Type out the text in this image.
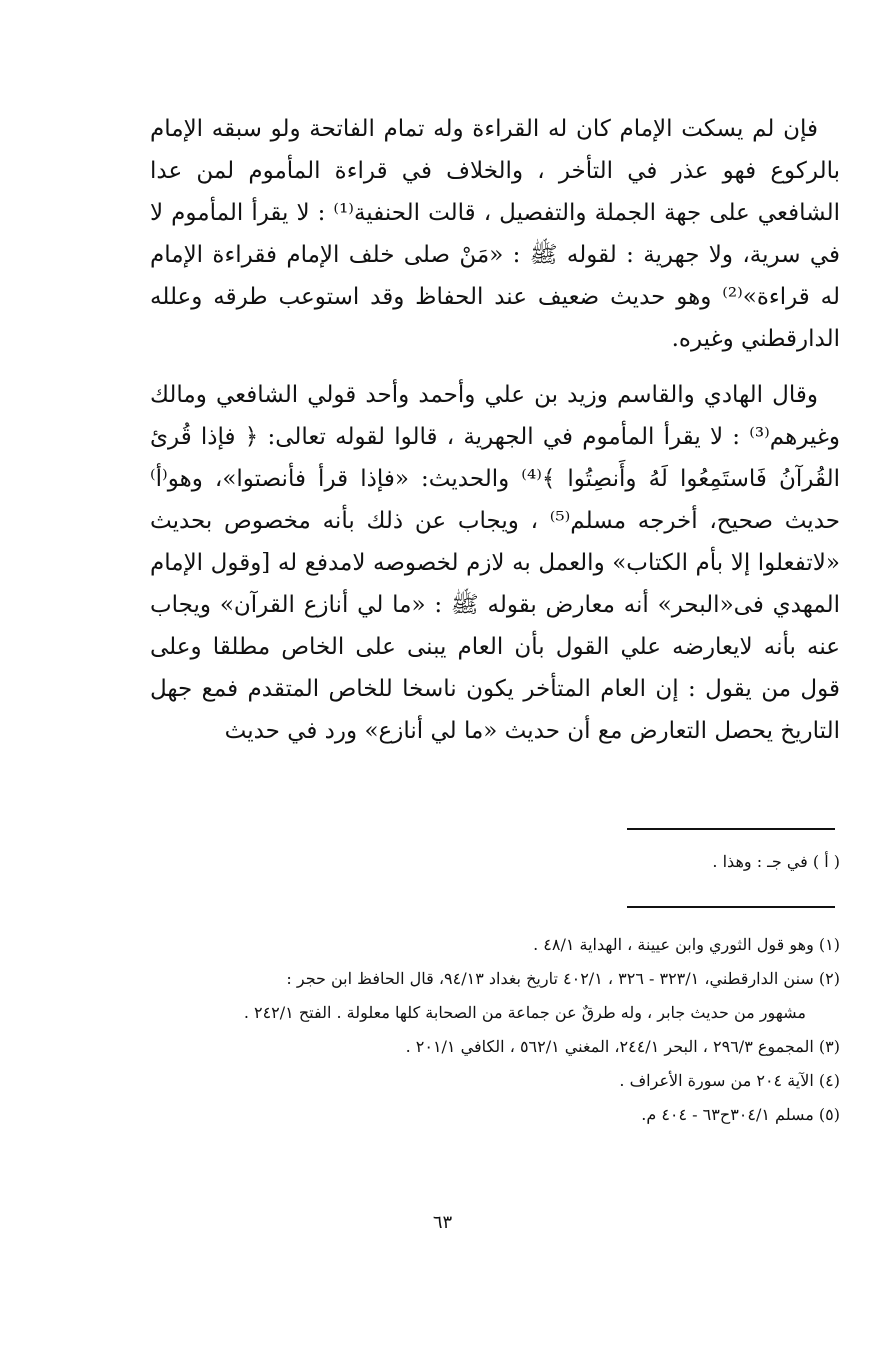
فإن لم يسكت الإمام كان له القراءة وله تمام الفاتحة ولو سبقه الإمام بالركوع فهو عذر في التأخر ، والخلاف في قراءة المأموم لمن عدا الشافعي على جهة الجملة والتفصيل ، قالت الحنفية⁽¹⁾ : لا يقرأ المأموم لا في سرية، ولا جهرية : لقوله ﷺ : «مَنْ صلى خلف الإمام فقراءة الإمام له قراءة»⁽²⁾ وهو حديث ضعيف عند الحفاظ وقد استوعب طرقه وعلله الدارقطني وغيره.

وقال الهادي والقاسم وزيد بن علي وأحمد وأحد قولي الشافعي ومالك وغيرهم⁽³⁾ : لا يقرأ المأموم في الجهرية ، قالوا لقوله تعالى: ﴿ فإذا قُرئ القُرآنُ فَاستَمِعُوا لَهُ وأَنصِتُوا ﴾⁽⁴⁾ والحديث: «فإذا قرأ فأنصتوا»، وهو⁽أ⁾ حديث صحيح، أخرجه مسلم⁽⁵⁾ ، ويجاب عن ذلك بأنه مخصوص بحديث «لاتفعلوا إلا بأم الكتاب» والعمل به لازم لخصوصه لامدفع له [وقول الإمام المهدي فى«البحر» أنه معارض بقوله ﷺ : «ما لي أنازع القرآن» ويجاب عنه بأنه لايعارضه علي القول بأن العام يبنى على الخاص مطلقا وعلى قول من يقول : إن العام المتأخر يكون ناسخا للخاص المتقدم فمع جهل التاريخ يحصل التعارض مع أن حديث «ما لي أنازع» ورد في حديث

( أ ) في جـ : وهذا .

(١) وهو قول الثوري وابن عيينة ، الهداية ٤٨/١ .

(٢) سنن الدارقطني، ٣٢٣/١ - ٣٢٦ ، ٤٠٢/١ تاريخ بغداد ٩٤/١٣، قال الحافظ ابن حجر :

مشهور من حديث جابر ، وله طرقٌ عن جماعة من الصحابة كلها معلولة . الفتح ٢٤٢/١ .

(٣) المجموع ٢٩٦/٣ ، البحر ٢٤٤/١، المغني ٥٦٢/١ ، الكافي ٢٠١/١ .

(٤) الآية ٢٠٤ من سورة الأعراف .

(٥) مسلم ٣٠٤/١ح٦٣ - ٤٠٤ م.

٦٣
